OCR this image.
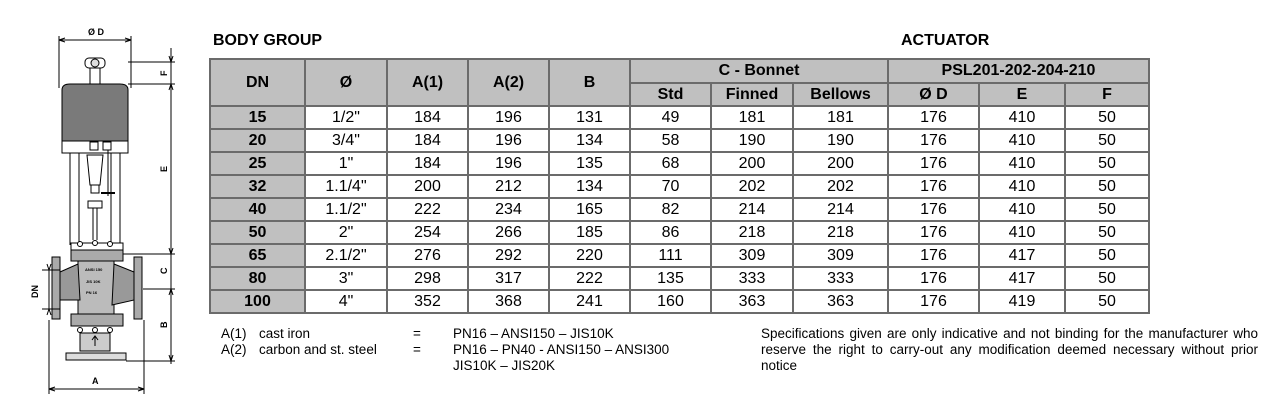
Ø D
F
E
C
B
DN
A
ANSI 150
JIS 10K
PN 16
BODY GROUP	ACTUATOR
DN	Ø	A(1)	A(2)	B	C - Bonnet			PSL201-202-204-210		
					Std	Finned	Bellows	Ø D	E	F
15	1/2"	184	196	131	49	181	181	176	410	50
20	3/4"	184	196	134	58	190	190	176	410	50
25	1"	184	196	135	68	200	200	176	410	50
32	1.1/4"	200	212	134	70	202	202	176	410	50
40	1.1/2"	222	234	165	82	214	214	176	410	50
50	2"	254	266	185	86	218	218	176	410	50
65	2.1/2"	276	292	220	111	309	309	176	417	50
80	3"	298	317	222	135	333	333	176	417	50
100	4"	352	368	241	160	363	363	176	419	50
A(1) cast iron	=	PN16 – ANSI150 – JIS10K
A(2) carbon and st. steel	=	PN16 – PN40 - ANSI150 – ANSI300
JIS10K – JIS20K
Specifications given are only indicative and not binding for the manufacturer who reserve the right to carry-out any modification deemed necessary without prior notice
